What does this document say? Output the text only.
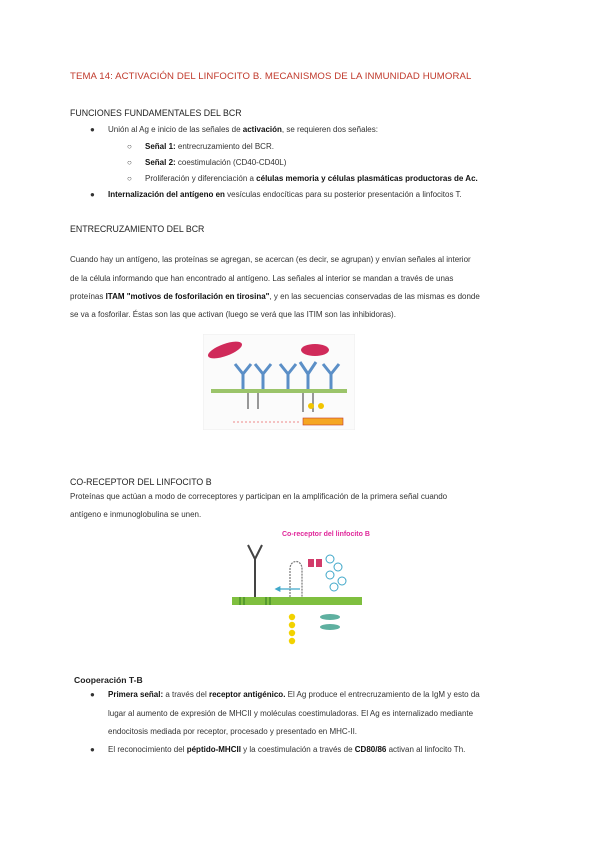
TEMA 14: ACTIVACIÓN DEL LINFOCITO B. MECANISMOS DE LA INMUNIDAD HUMORAL
FUNCIONES FUNDAMENTALES DEL BCR
● Unión al Ag e inicio de las señales de activación, se requieren dos señales:
○ Señal 1: entrecruzamiento del BCR.
○ Señal 2: coestimulación (CD40-CD40L)
○ Proliferación y diferenciación a células memoria y células plasmáticas productoras de Ac.
● Internalización del antígeno en vesículas endocíticas para su posterior presentación a linfocitos T.
ENTRECRUZAMIENTO DEL BCR
Cuando hay un antígeno, las proteínas se agregan, se acercan (es decir, se agrupan) y envían señales al interior
de la célula informando que han encontrado al antígeno. Las señales al interior se mandan a través de unas
proteínas ITAM "motivos de fosforilación en tirosina", y en las secuencias conservadas de las mismas es donde
se va a fosforilar. Éstas son las que activan (luego se verá que las ITIM son las inhibidoras).
CO-RECEPTOR DEL LINFOCITO B
Proteínas que actúan a modo de correceptores y participan en la amplificación de la primera señal cuando
antígeno e inmunoglobulina se unen.
Co-receptor del linfocito B
Cooperación T-B
● Primera señal: a través del receptor antigénico. El Ag produce el entrecruzamiento de la IgM y esto da
lugar al aumento de expresión de MHCII y moléculas coestimuladoras. El Ag es internalizado mediante
endocitosis mediada por receptor, procesado y presentado en MHC-II.
● El reconocimiento del péptido-MHCII y la coestimulación a través de CD80/86 activan al linfocito Th.
